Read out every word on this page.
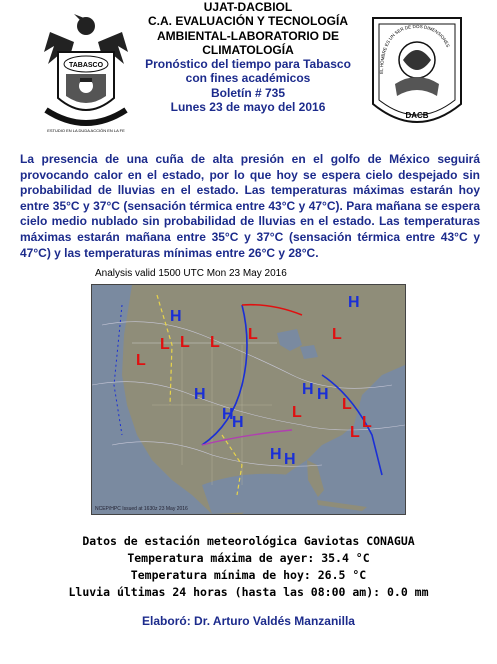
TABASCO
ESTUDIO EN LA DUDA ACCIÓN EN LA FE
UJAT-DACBIOL
C.A. EVALUACIÓN Y TECNOLOGÍA
AMBIENTAL-LABORATORIO DE
CLIMATOLOGÍA
Pronóstico del tiempo para Tabasco
con fines académicos
Boletín # 735
Lunes 23 de mayo del 2016
EL HOMBRE ES UN SER DE DOS DIMENSIONES
DACB
La presencia de una cuña de alta presión en el golfo de México seguirá provocando calor en el estado, por lo que hoy se espera cielo despejado sin probabilidad de lluvias en el estado. Las temperaturas máximas estarán hoy entre 35°C y 37°C (sensación térmica entre 43°C y 47°C). Para mañana se espera cielo medio nublado sin probabilidad de lluvias en el estado. Las temperaturas máximas estarán mañana entre 35°C y 37°C (sensación térmica entre 43°C y 47°C) y las temperaturas mínimas entre 26°C y 28°C.
Analysis valid 1500 UTC Mon 23 May 2016
H
H
H	H H
H
H
H H
L
L L L L	L
L
L
L
L
NCEP/HPC Issued at 1630z 23 May 2016
Datos de estación meteorológica Gaviotas CONAGUA
Temperatura máxima de ayer: 35.4 °C
Temperatura mínima de hoy: 26.5 °C
Lluvia últimas 24 horas (hasta las 08:00 am): 0.0 mm
Elaboró: Dr. Arturo Valdés Manzanilla
